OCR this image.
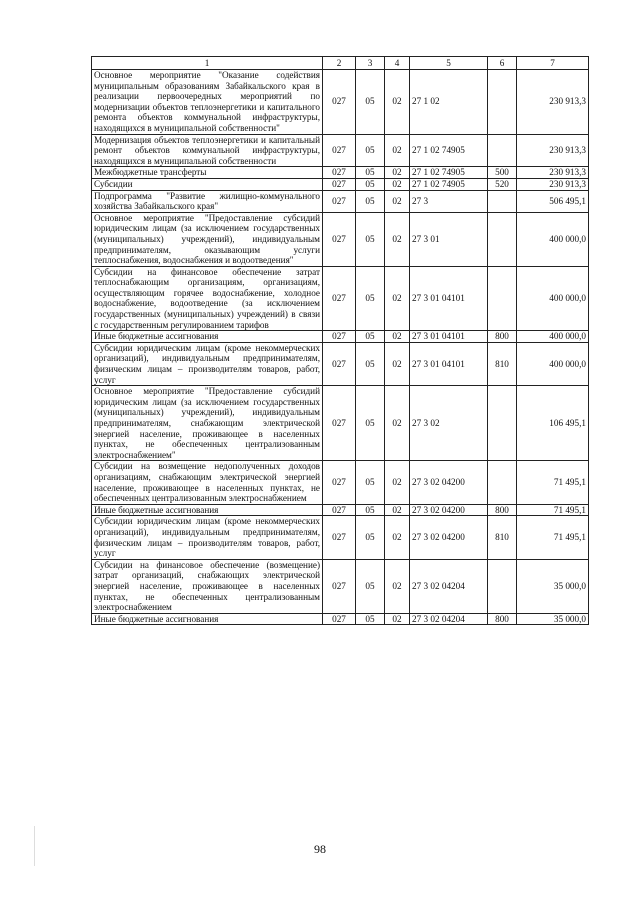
1	2	3	4	5	6	7
Основное мероприятие "Оказание содействия муниципальным образованиям Забайкальского края в реализации первоочередных мероприятий по модернизации объектов теплоэнергетики и капитального ремонта объектов коммунальной инфраструктуры, находящихся в муниципальной собственности"	027	05	02	27 1 02		230 913,3
Модернизация объектов теплоэнергетики и капитальный ремонт объектов коммунальной инфраструктуры, находящихся в муниципальной собственности	027	05	02	27 1 02 74905		230 913,3
Межбюджетные трансферты	027	05	02	27 1 02 74905	500	230 913,3
Субсидии	027	05	02	27 1 02 74905	520	230 913,3
Подпрограмма "Развитие жилищно-коммунального хозяйства Забайкальского края"	027	05	02	27 3		506 495,1
Основное мероприятие "Предоставление субсидий юридическим лицам (за исключением государственных (муниципальных) учреждений), индивидуальным предпринимателям, оказывающим услуги теплоснабжения, водоснабжения и водоотведения"	027	05	02	27 3 01		400 000,0
Субсидии на финансовое обеспечение затрат теплоснабжающим организациям, организациям, осуществляющим горячее водоснабжение, холодное водоснабжение, водоотведение (за исключением государственных (муниципальных) учреждений) в связи с государственным регулированием тарифов	027	05	02	27 3 01 04101		400 000,0
Иные бюджетные ассигнования	027	05	02	27 3 01 04101	800	400 000,0
Субсидии юридическим лицам (кроме некоммерческих организаций), индивидуальным предпринимателям, физическим лицам – производителям товаров, работ, услуг	027	05	02	27 3 01 04101	810	400 000,0
Основное мероприятие "Предоставление субсидий юридическим лицам (за исключением государственных (муниципальных) учреждений), индивидуальным предпринимателям, снабжающим электрической энергией население, проживающее в населенных пунктах, не обеспеченных централизованным электроснабжением"	027	05	02	27 3 02		106 495,1
Субсидии на возмещение недополученных доходов организациям, снабжающим электрической энергией население, проживающее в населенных пунктах, не обеспеченных централизованным электроснабжением	027	05	02	27 3 02 04200		71 495,1
Иные бюджетные ассигнования	027	05	02	27 3 02 04200	800	71 495,1
Субсидии юридическим лицам (кроме некоммерческих организаций), индивидуальным предпринимателям, физическим лицам – производителям товаров, работ, услуг	027	05	02	27 3 02 04200	810	71 495,1
Субсидии на финансовое обеспечение (возмещение) затрат организаций, снабжающих электрической энергией население, проживающее в населенных пунктах, не обеспеченных централизованным электроснабжением	027	05	02	27 3 02 04204		35 000,0
Иные бюджетные ассигнования	027	05	02	27 3 02 04204	800	35 000,0
98
